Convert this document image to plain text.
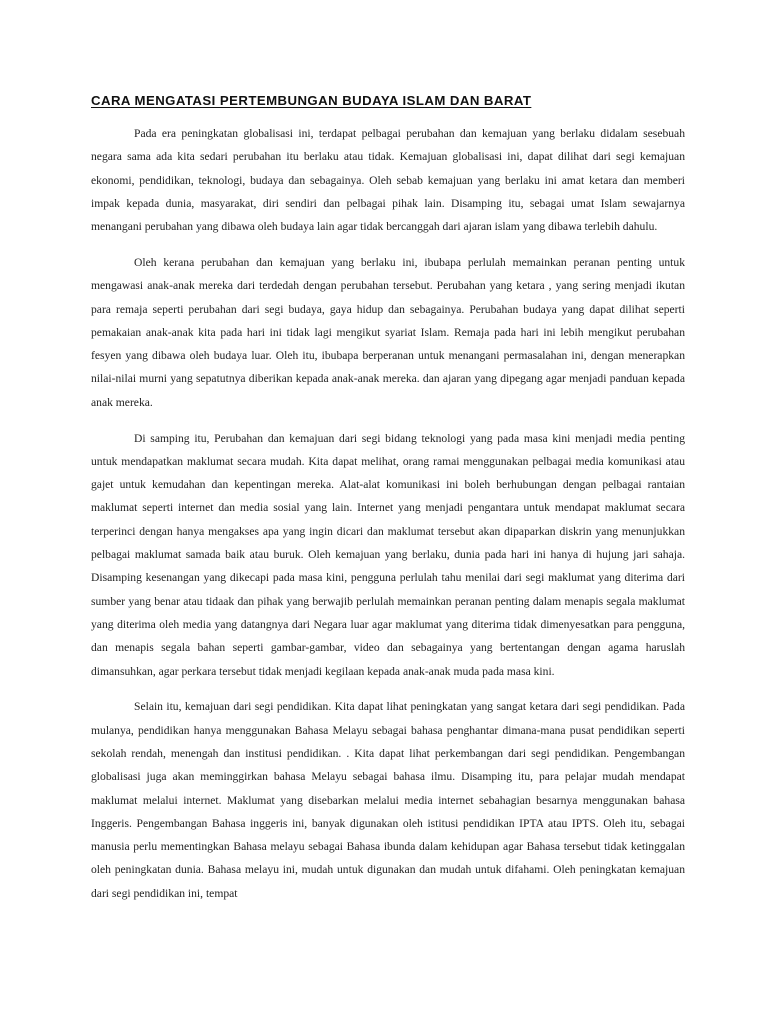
CARA MENGATASI PERTEMBUNGAN BUDAYA ISLAM DAN BARAT

Pada era peningkatan globalisasi ini, terdapat pelbagai perubahan dan kemajuan yang berlaku didalam sesebuah negara sama ada kita sedari perubahan itu berlaku atau tidak. Kemajuan globalisasi ini, dapat dilihat dari segi kemajuan ekonomi, pendidikan, teknologi, budaya dan sebagainya. Oleh sebab kemajuan yang berlaku ini amat ketara dan memberi impak kepada dunia, masyarakat, diri sendiri dan pelbagai pihak lain. Disamping itu, sebagai umat Islam sewajarnya menangani perubahan yang dibawa oleh budaya lain agar tidak bercanggah dari ajaran islam yang dibawa terlebih dahulu.

Oleh kerana perubahan dan kemajuan yang berlaku ini, ibubapa perlulah memainkan peranan penting untuk mengawasi anak-anak mereka dari terdedah dengan perubahan tersebut. Perubahan yang ketara , yang sering menjadi ikutan para remaja seperti perubahan dari segi budaya, gaya hidup dan sebagainya. Perubahan budaya yang dapat dilihat seperti pemakaian anak-anak kita pada hari ini tidak lagi mengikut syariat Islam. Remaja pada hari ini lebih mengikut perubahan fesyen yang dibawa oleh budaya luar. Oleh itu, ibubapa berperanan untuk menangani permasalahan ini, dengan menerapkan nilai-nilai murni yang sepatutnya diberikan kepada anak-anak mereka. dan ajaran yang dipegang agar menjadi panduan kepada anak mereka.

Di samping itu, Perubahan dan kemajuan dari segi bidang teknologi yang pada masa kini menjadi media penting untuk mendapatkan maklumat secara mudah. Kita dapat melihat, orang ramai menggunakan pelbagai media komunikasi atau gajet untuk kemudahan dan kepentingan mereka. Alat-alat komunikasi ini boleh berhubungan dengan pelbagai rantaian maklumat seperti internet dan media sosial yang lain. Internet yang menjadi pengantara untuk mendapat maklumat secara terperinci dengan hanya mengakses apa yang ingin dicari dan maklumat tersebut akan dipaparkan diskrin yang menunjukkan pelbagai maklumat samada baik atau buruk. Oleh kemajuan yang berlaku, dunia pada hari ini hanya di hujung jari sahaja. Disamping kesenangan yang dikecapi pada masa kini, pengguna perlulah tahu menilai dari segi maklumat yang diterima dari sumber yang benar atau tidaak dan pihak yang berwajib perlulah memainkan peranan penting dalam menapis segala maklumat yang diterima oleh media yang datangnya dari Negara luar agar maklumat yang diterima tidak dimenyesatkan para pengguna, dan menapis segala bahan seperti gambar-gambar, video dan sebagainya yang bertentangan dengan agama haruslah dimansuhkan, agar perkara tersebut tidak menjadi kegilaan kepada anak-anak muda pada masa kini.

Selain itu, kemajuan dari segi pendidikan. Kita dapat lihat peningkatan yang sangat ketara dari segi pendidikan. Pada mulanya, pendidikan hanya menggunakan Bahasa Melayu sebagai bahasa penghantar dimana-mana pusat pendidikan seperti sekolah rendah, menengah dan institusi pendidikan. . Kita dapat lihat perkembangan dari segi pendidikan. Pengembangan globalisasi juga akan meminggirkan bahasa Melayu sebagai bahasa ilmu. Disamping itu, para pelajar mudah mendapat maklumat melalui internet. Maklumat yang disebarkan melalui media internet sebahagian besarnya menggunakan bahasa Inggeris. Pengembangan Bahasa inggeris ini, banyak digunakan oleh istitusi pendidikan IPTA atau IPTS. Oleh itu, sebagai manusia perlu mementingkan Bahasa melayu sebagai Bahasa ibunda dalam kehidupan agar Bahasa tersebut tidak ketinggalan oleh peningkatan dunia. Bahasa melayu ini, mudah untuk digunakan dan mudah untuk difahami. Oleh peningkatan kemajuan dari segi pendidikan ini, tempat
